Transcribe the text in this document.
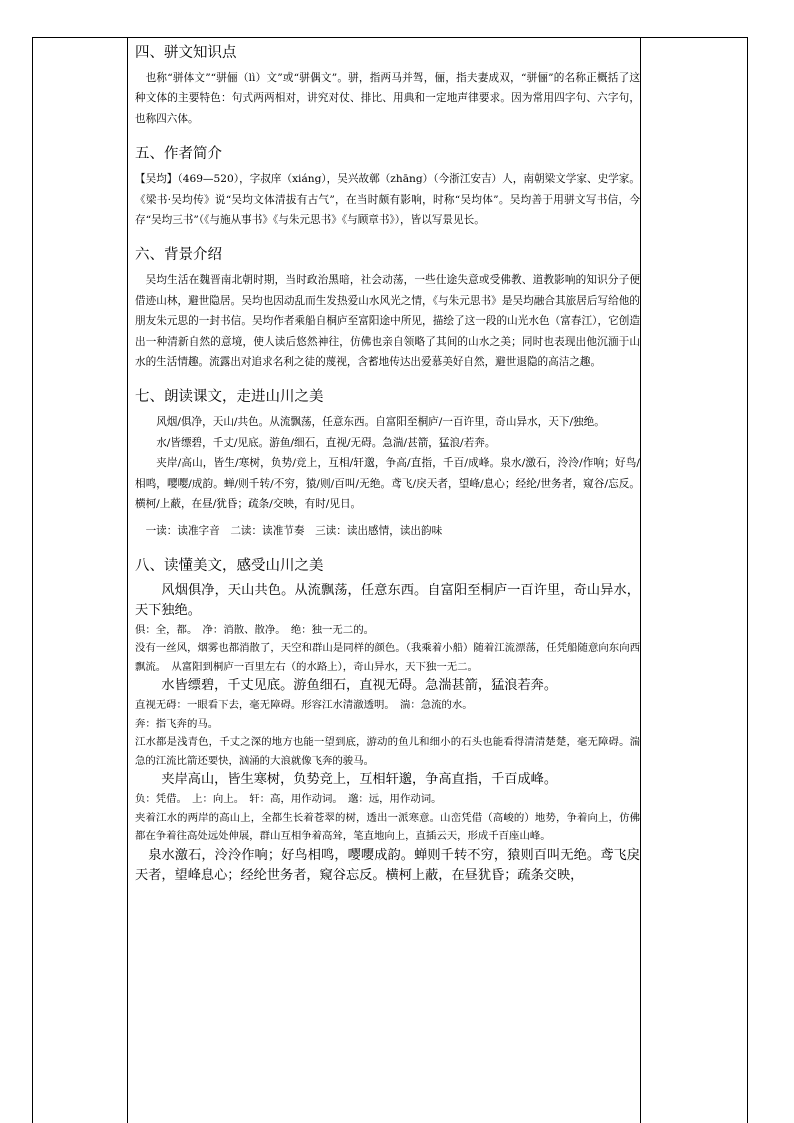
四、骈文知识点

也称“骈体文”“骈俪（lì）文”或“骈偶文”。骈，指两马并驾，俪，指夫妻成双，“骈俪”的名称正概括了这种文体的主要特色：句式两两相对，讲究对仗、排比、用典和一定地声律要求。因为常用四字句、六字句，也称四六体。

五、作者简介

【吴均】（469—520），字叔庠（xiáng），吴兴故鄣（zhāng）（今浙江安吉）人，南朝梁文学家、史学家。《梁书·吴均传》说“吴均文体清拔有古气”，在当时颇有影响，时称“吴均体”。吴均善于用骈文写书信，今存“吴均三书”（《与施从事书》《与朱元思书》《与顾章书》），皆以写景见长。

六、背景介绍

吴均生活在魏晋南北朝时期，当时政治黑暗，社会动荡，一些仕途失意或受佛教、道教影响的知识分子便借迹山林，避世隐居。吴均也因动乱而生发热爱山水风光之情，《与朱元思书》是吴均融合其旅居后写给他的朋友朱元思的一封书信。吴均作者乘船自桐庐至富阳途中所见，描绘了这一段的山光水色（富春江），它创造出一种清新自然的意境，使人读后悠然神往，仿佛也亲自领略了其间的山水之美；同时也表现出他沉湎于山水的生活情趣。流露出对追求名利之徒的蔑视，含蓄地传达出爱慕美好自然，避世退隐的高洁之趣。

七、朗读课文，走进山川之美

风烟/俱净，天山/共色。从流飘荡，任意东西。自富阳至桐庐/一百许里，奇山异水，天下/独绝。

水/皆缥碧，千丈/见底。游鱼/细石，直视/无碍。急湍/甚箭，猛浪/若奔。

夹岸/高山，皆生/寒树，负势/竞上，互相/轩邈，争高/直指，千百/成峰。泉水/激石，泠泠/作响；好鸟/相鸣，嘤嘤/成韵。蝉/则千转/不穷，猿/则/百叫/无绝。鸢飞/戾天者，望峰/息心；经纶/世务者，窥谷/忘反。横柯/上蔽，在昼/犹昏；疏条/交映，有时/见日。

一读：读准字音　二读：读准节奏　三读：读出感情，读出韵味

八、读懂美文，感受山川之美

风烟俱净，天山共色。从流飘荡，任意东西。自富阳至桐庐一百许里，奇山异水，天下独绝。

俱：全，都。　净：消散、散净。　绝：独一无二的。

没有一丝风，烟雾也都消散了，天空和群山是同样的颜色。（我乘着小船）随着江流漂荡，任凭船随意向东向西飘流。　从富阳到桐庐一百里左右（的水路上），奇山异水，天下独一无二。

水皆缥碧，千丈见底。游鱼细石，直视无碍。急湍甚箭，猛浪若奔。

直视无碍：一眼看下去，毫无障碍。形容江水清澈透明。　湍：急流的水。

奔：指飞奔的马。

江水都是浅青色，千丈之深的地方也能一望到底，游动的鱼儿和细小的石头也能看得清清楚楚，毫无障碍。湍急的江流比箭还要快，汹涌的大浪就像飞奔的骏马。

夹岸高山，皆生寒树，负势竞上，互相轩邈，争高直指，千百成峰。

负：凭借。　上：向上。　轩：高，用作动词。　邈：远，用作动词。

夹着江水的两岸的高山上，全都生长着苍翠的树，透出一派寒意。山峦凭借（高峻的）地势，争着向上，仿佛都在争着往高处远处伸展，群山互相争着高耸，笔直地向上，直插云天，形成千百座山峰。

泉水激石，泠泠作响；好鸟相鸣，嘤嘤成韵。蝉则千转不穷，猿则百叫无绝。鸢飞戾天者，望峰息心；经纶世务者，窥谷忘反。横柯上蔽，在昼犹昏；疏条交映，
